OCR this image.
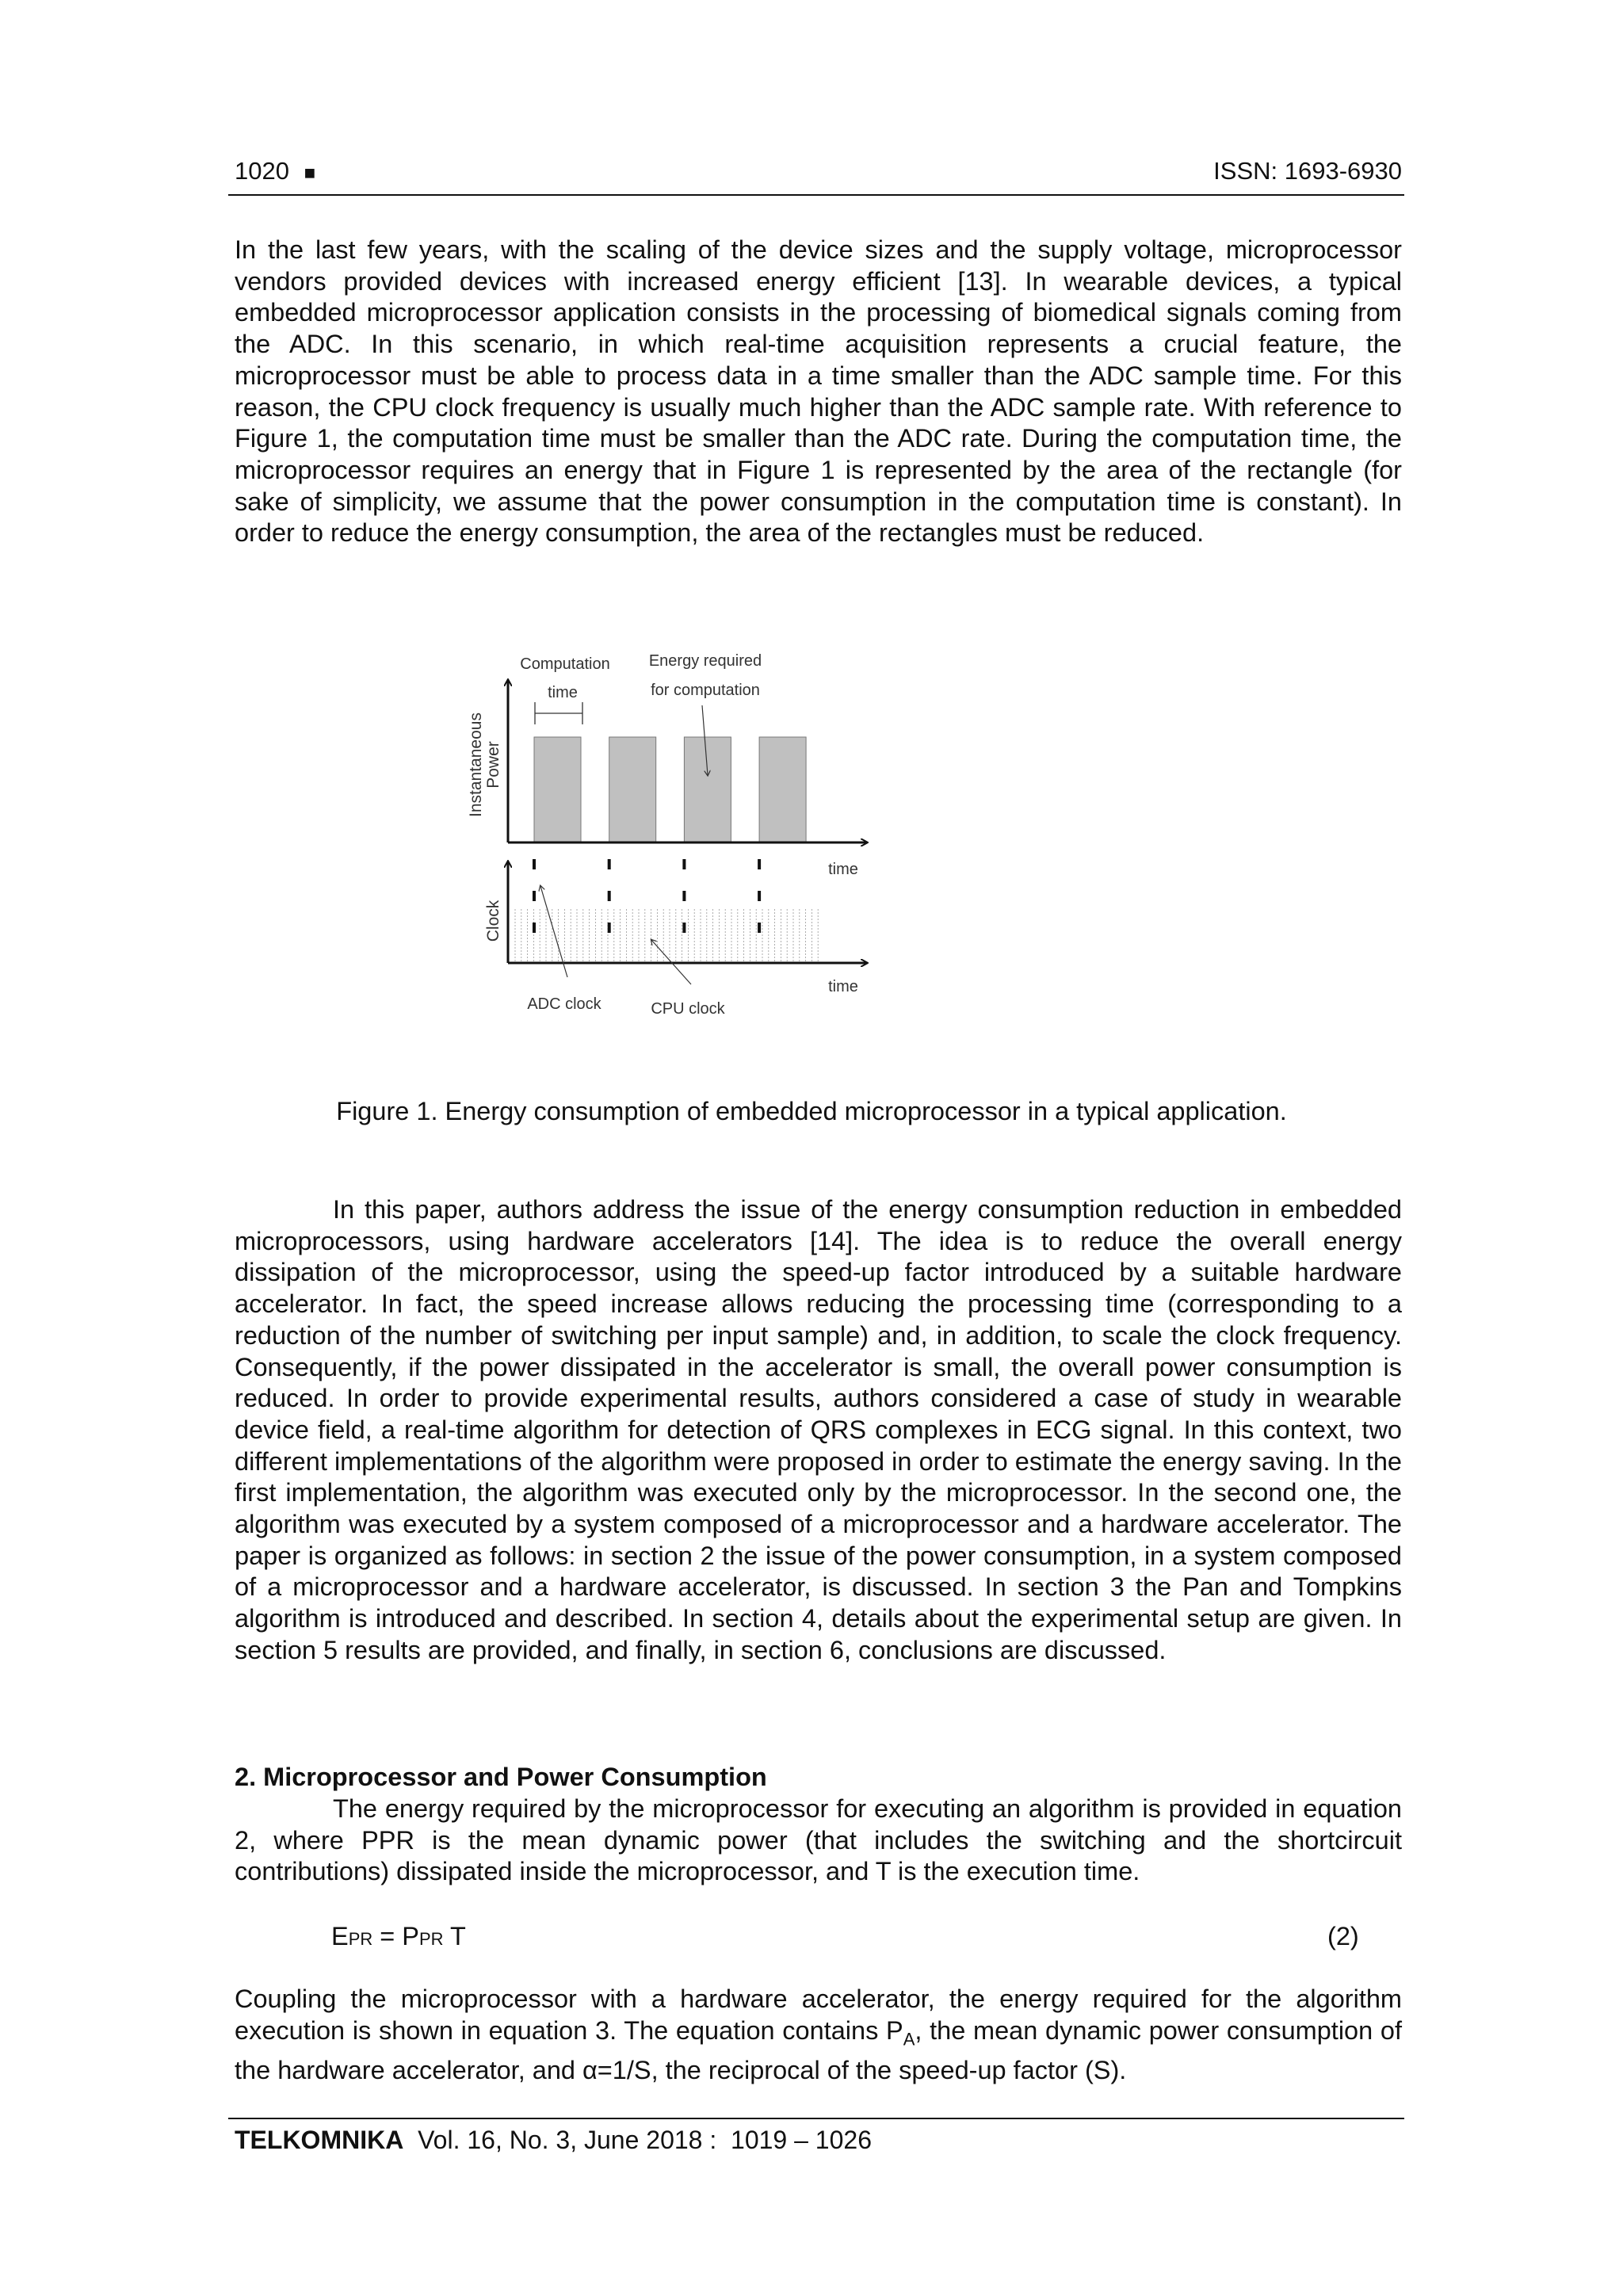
1020 ■	ISSN: 1693-6930

In the last few years, with the scaling of the device sizes and the supply voltage, microprocessor vendors provided devices with increased energy efficient [13]. In wearable devices, a typical embedded microprocessor application consists in the processing of biomedical signals coming from the ADC. In this scenario, in which real-time acquisition represents a crucial feature, the microprocessor must be able to process data in a time smaller than the ADC sample time. For this reason, the CPU clock frequency is usually much higher than the ADC sample rate. With reference to Figure 1, the computation time must be smaller than the ADC rate. During the computation time, the microprocessor requires an energy that in Figure 1 is represented by the area of the rectangle (for sake of simplicity, we assume that the power consumption in the computation time is constant). In order to reduce the energy consumption, the area of the rectangles must be reduced.

Computation
time
Energy required
for computation
Instantaneous Power
Clock
time
time
ADC clock	CPU clock
Figure 1. Energy consumption of embedded microprocessor in a typical application.

In this paper, authors address the issue of the energy consumption reduction in embedded microprocessors, using hardware accelerators [14]. The idea is to reduce the overall energy dissipation of the microprocessor, using the speed-up factor introduced by a suitable hardware accelerator. In fact, the speed increase allows reducing the processing time (corresponding to a reduction of the number of switching per input sample) and, in addition, to scale the clock frequency. Consequently, if the power dissipated in the accelerator is small, the overall power consumption is reduced. In order to provide experimental results, authors considered a case of study in wearable device field, a real-time algorithm for detection of QRS complexes in ECG signal. In this context, two different implementations of the algorithm were proposed in order to estimate the energy saving. In the first implementation, the algorithm was executed only by the microprocessor. In the second one, the algorithm was executed by a system composed of a microprocessor and a hardware accelerator. The paper is organized as follows: in section 2 the issue of the power consumption, in a system composed of a microprocessor and a hardware accelerator, is discussed. In section 3 the Pan and Tompkins algorithm is introduced and described. In section 4, details about the experimental setup are given. In section 5 results are provided, and finally, in section 6, conclusions are discussed.

2. Microprocessor and Power Consumption

The energy required by the microprocessor for executing an algorithm is provided in equation 2, where PPR is the mean dynamic power (that includes the switching and the shortcircuit contributions) dissipated inside the microprocessor, and T is the execution time.

EPR = PPR T	(2)

Coupling the microprocessor with a hardware accelerator, the energy required for the algorithm execution is shown in equation 3. The equation contains $P_A$, the mean dynamic power consumption of the hardware accelerator, and α=1/S, the reciprocal of the speed-up factor (S).

TELKOMNIKA  Vol. 16, No. 3, June 2018 :  1019 – 1026
